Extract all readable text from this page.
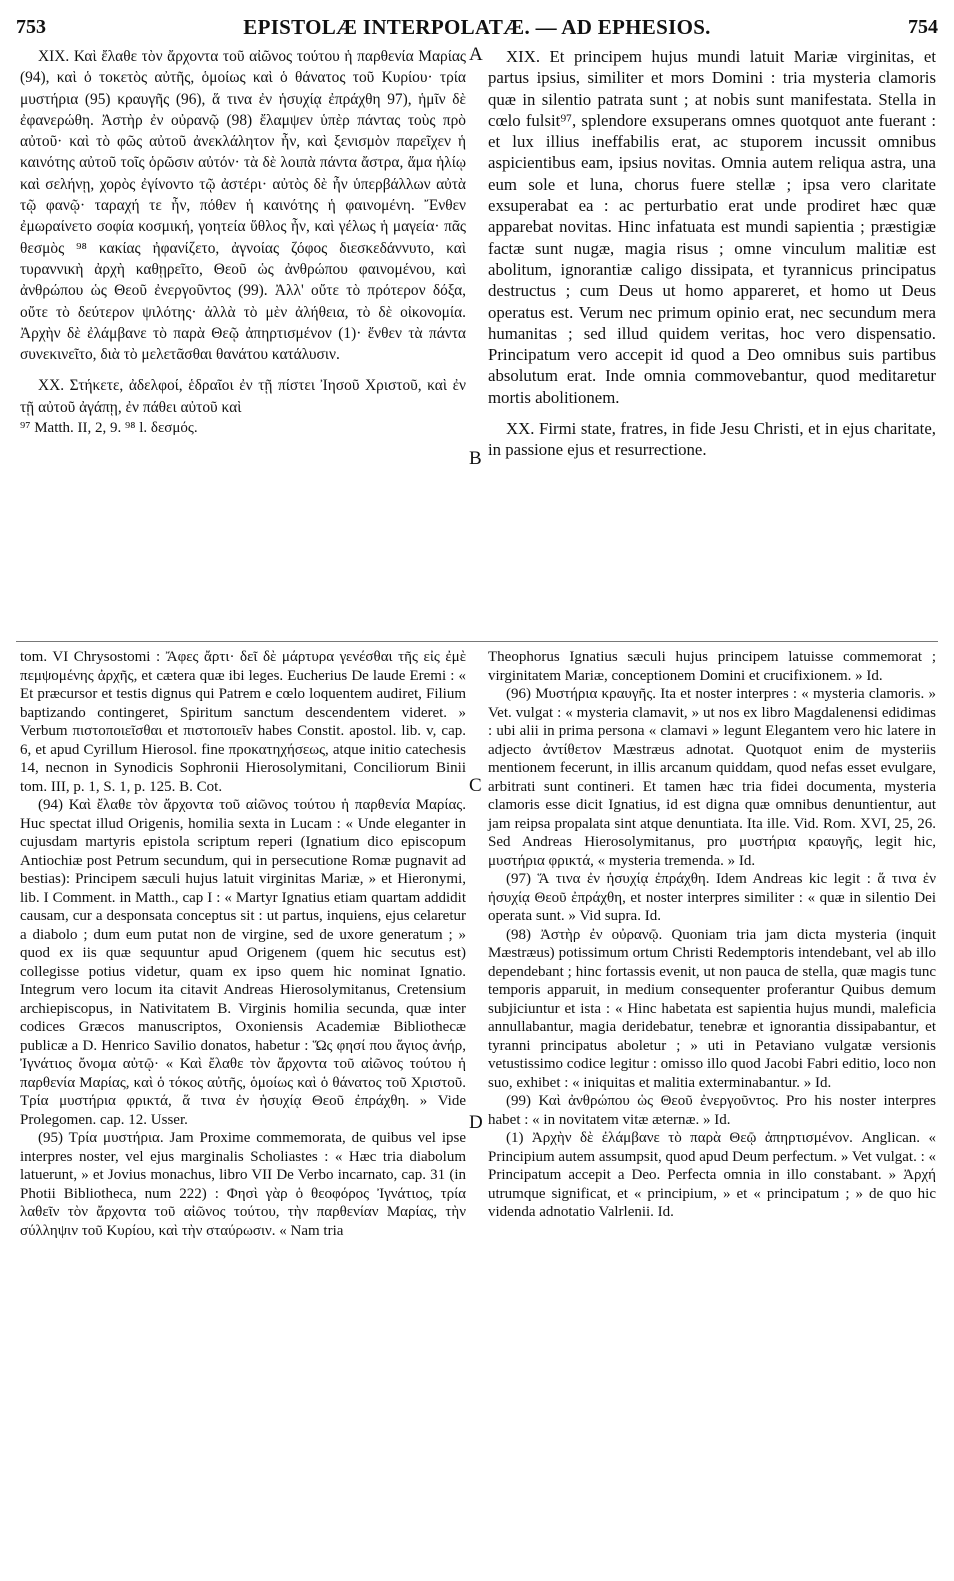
753	EPISTOLÆ INTERPOLATÆ. — AD EPHESIOS.	754

XIX. Καὶ ἔλαθε τὸν ἄρχοντα τοῦ αἰῶνος τούτου ἡ παρθενία Μαρίας (94), καὶ ὁ τοκετὸς αὐτῆς, ὁμοίως καὶ ὁ θάνατος τοῦ Κυρίου· τρία μυστήρια (95) κραυγῆς (96), ἅ τινα ἐν ἡσυχίᾳ ἐπράχθη 97), ἡμῖν δὲ ἐφανερώθη. Ἀστὴρ ἐν οὐρανῷ (98) ἔλαμψεν ὑπὲρ πάντας τοὺς πρὸ αὐτοῦ· καὶ τὸ φῶς αὐτοῦ ἀνεκλάλητον ἦν, καὶ ξενισμὸν παρεῖχεν ἡ καινότης αὐτοῦ τοῖς ὁρῶσιν αὐτόν· τὰ δὲ λοιπὰ πάντα ἄστρα, ἅμα ἡλίῳ καὶ σελήνῃ, χορὸς ἐγίνοντο τῷ ἀστέρι· αὐτὸς δὲ ἦν ὑπερβάλλων αὐτὰ τῷ φανῷ· ταραχή τε ἦν, πόθεν ἡ καινότης ἡ φαινομένη. Ἔνθεν ἐμωραίνετο σοφία κοσμική, γοητεία ὕθλος ἦν, καὶ γέλως ἡ μαγεία· πᾶς θεσμὸς ⁹⁸ κακίας ἠφανίζετο, ἀγνοίας ζόφος διεσκεδάννυτο, καὶ τυραννικὴ ἀρχὴ καθῃρεῖτο, Θεοῦ ὡς ἀνθρώπου φαινομένου, καὶ ἀνθρώπου ὡς Θεοῦ ἐνεργοῦντος (99). Ἀλλ' οὔτε τὸ πρότερον δόξα, οὔτε τὸ δεύτερον ψιλότης· ἀλλὰ τὸ μὲν ἀλήθεια, τὸ δὲ οἰκονομία. Ἀρχὴν δὲ ἐλάμβανε τὸ παρὰ Θεῷ ἀπηρτισμένον (1)· ἔνθεν τὰ πάντα συνεκινεῖτο, διὰ τὸ μελετᾶσθαι θανάτου κατάλυσιν.

XX. Στήκετε, ἀδελφοί, ἑδραῖοι ἐν τῇ πίστει Ἰησοῦ Χριστοῦ, καὶ ἐν τῇ αὐτοῦ ἀγάπῃ, ἐν πάθει αὐτοῦ καὶ

⁹⁷ Matth. II, 2, 9. ⁹⁸ l. δεσμός.

XIX. Et principem hujus mundi latuit Mariæ virginitas, et partus ipsius, similiter et mors Domini : tria mysteria clamoris quæ in silentio patrata sunt ; at nobis sunt manifestata. Stella in cœlo fulsit⁹⁷, splendore exsuperans omnes quotquot ante fuerant : et lux illius ineffabilis erat, ac stuporem incussit omnibus aspicientibus eam, ipsius novitas. Omnia autem reliqua astra, una eum sole et luna, chorus fuere stellæ ; ipsa vero claritate exsuperabat ea : ac perturbatio erat unde prodiret hæc quæ apparebat novitas. Hinc infatuata est mundi sapientia ; præstigiæ factæ sunt nugæ, magia risus ; omne vinculum malitiæ est abolitum, ignorantiæ caligo dissipata, et tyrannicus principatus destructus ; cum Deus ut homo appareret, et homo ut Deus operatus est. Verum nec primum opinio erat, nec secundum mera humanitas ; sed illud quidem veritas, hoc vero dispensatio. Principatum vero accepit id quod a Deo omnibus suis partibus absolutum erat. Inde omnia commovebantur, quod meditaretur mortis abolitionem.

XX. Firmi state, fratres, in fide Jesu Christi, et in ejus charitate, in passione ejus et resurrectione.

tom. VI Chrysostomi : Ἄφες ἄρτι· δεῖ δὲ μάρτυρα γενέσθαι τῆς εἰς ἐμὲ πεμψομένης ἀρχῆς, et cætera quæ ibi leges. Eucherius De laude Eremi : « Et præcursor et testis dignus qui Patrem e cœlo loquentem audiret, Filium baptizando contingeret, Spiritum sanctum descendentem videret. » Verbum πιστοποιεῖσθαι et πιστοποιεῖν habes Constit. apostol. lib. v, cap. 6, et apud Cyrillum Hierosol. fine προκατηχήσεως, atque initio catechesis 14, necnon in Synodicis Sophronii Hierosolymitani, Conciliorum Binii tom. III, p. 1, S. 1, p. 125. B. Cot.

(94) Καὶ ἔλαθε τὸν ἄρχοντα τοῦ αἰῶνος τούτου ἡ παρθενία Μαρίας. Huc spectat illud Origenis, homilia sexta in Lucam : « Unde eleganter in cujusdam martyris epistola scriptum reperi (Ignatium dico episcopum Antiochiæ post Petrum secundum, qui in persecutione Romæ pugnavit ad bestias): Principem sæculi hujus latuit virginitas Mariæ, » et Hieronymi, lib. I Comment. in Matth., cap I : « Martyr Ignatius etiam quartam addidit causam, cur a desponsata conceptus sit : ut partus, inquiens, ejus celaretur a diabolo ; dum eum putat non de virgine, sed de uxore generatum ; » quod ex iis quæ sequuntur apud Origenem (quem hic secutus est) collegisse potius videtur, quam ex ipso quem hic nominat Ignatio. Integrum vero locum ita citavit Andreas Hierosolymitanus, Cretensium archiepiscopus, in Nativitatem B. Virginis homilia secunda, quæ inter codices Græcos manuscriptos, Oxoniensis Academiæ Bibliothecæ publicæ a D. Henrico Savilio donatos, habetur : Ὥς φησί που ἅγιος ἀνήρ, Ἰγνάτιος ὄνομα αὐτῷ· « Καὶ ἔλαθε τὸν ἄρχοντα τοῦ αἰῶνος τούτου ἡ παρθενία Μαρίας, καὶ ὁ τόκος αὐτῆς, ὁμοίως καὶ ὁ θάνατος τοῦ Χριστοῦ. Τρία μυστήρια φρικτά, ἅ τινα ἐν ἡσυχίᾳ Θεοῦ ἐπράχθη. » Vide Prolegomen. cap. 12. Usser.

(95) Τρία μυστήρια. Jam Proxime commemorata, de quibus vel ipse interpres noster, vel ejus marginalis Scholiastes : « Hæc tria diabolum latuerunt, » et Jovius monachus, libro VII De Verbo incarnato, cap. 31 (in Photii Bibliotheca, num 222) : Φησὶ γὰρ ὁ θεοφόρος Ἰγνάτιος, τρία λαθεῖν τὸν ἄρχοντα τοῦ αἰῶνος τούτου, τὴν παρθενίαν Μαρίας, τὴν σύλληψιν τοῦ Κυρίου, καὶ τὴν σταύρωσιν. « Nam tria

Theophorus Ignatius sæculi hujus principem latuisse commemorat ; virginitatem Mariæ, conceptionem Domini et crucifixionem. » Id.

(96) Μυστήρια κραυγῆς. Ita et noster interpres : « mysteria clamoris. » Vet. vulgat : « mysteria clamavit, » ut nos ex libro Magdalenensi edidimas : ubi alii in prima persona « clamavi » legunt Elegantem vero hic latere in adjecto ἀντίθετον Mæstræus adnotat. Quotquot enim de mysteriis mentionem fecerunt, in illis arcanum quiddam, quod nefas esset evulgare, arbitrati sunt contineri. Et tamen hæc tria fidei documenta, mysteria clamoris esse dicit Ignatius, id est digna quæ omnibus denuntientur, aut jam reipsa propalata sint atque denuntiata. Ita ille. Vid. Rom. XVI, 25, 26. Sed Andreas Hierosolymitanus, pro μυστήρια κραυγῆς, legit hic, μυστήρια φρικτά, « mysteria tremenda. » Id.

(97) Ἅ τινα ἐν ἡσυχίᾳ ἐπράχθη. Idem Andreas kic legit : ἅ τινα ἐν ἡσυχίᾳ Θεοῦ ἐπράχθη, et noster interpres similiter : « quæ in silentio Dei operata sunt. » Vid supra. Id.

(98) Ἀστὴρ ἐν οὐρανῷ. Quoniam tria jam dicta mysteria (inquit Mæstræus) potissimum ortum Christi Redemptoris intendebant, vel ab illo dependebant ; hinc fortassis evenit, ut non pauca de stella, quæ magis tunc temporis apparuit, in medium consequenter proferantur Quibus demum subjiciuntur et ista : « Hinc habetata est sapientia hujus mundi, maleficia annullabantur, magia deridebatur, tenebræ et ignorantia dissipabantur, et tyranni principatus aboletur ; » uti in Petaviano vulgatæ versionis vetustissimo codice legitur : omisso illo quod Jacobi Fabri editio, loco non suo, exhibet : « iniquitas et malitia exterminabantur. » Id.

(99) Καὶ ἀνθρώπου ὡς Θεοῦ ἐνεργοῦντος. Pro his noster interpres habet : « in novitatem vitæ æternæ. » Id.

(1) Ἀρχὴν δὲ ἐλάμβανε τὸ παρὰ Θεῷ ἀπηρτισμένον. Anglican. « Principium autem assumpsit, quod apud Deum perfectum. » Vet vulgat. : « Principatum accepit a Deo. Perfecta omnia in illo constabant. » Ἀρχή utrumque significat, et « principium, » et « principatum ; » de quo hic videnda adnotatio Valrlenii. Id.

A
B
C
D
